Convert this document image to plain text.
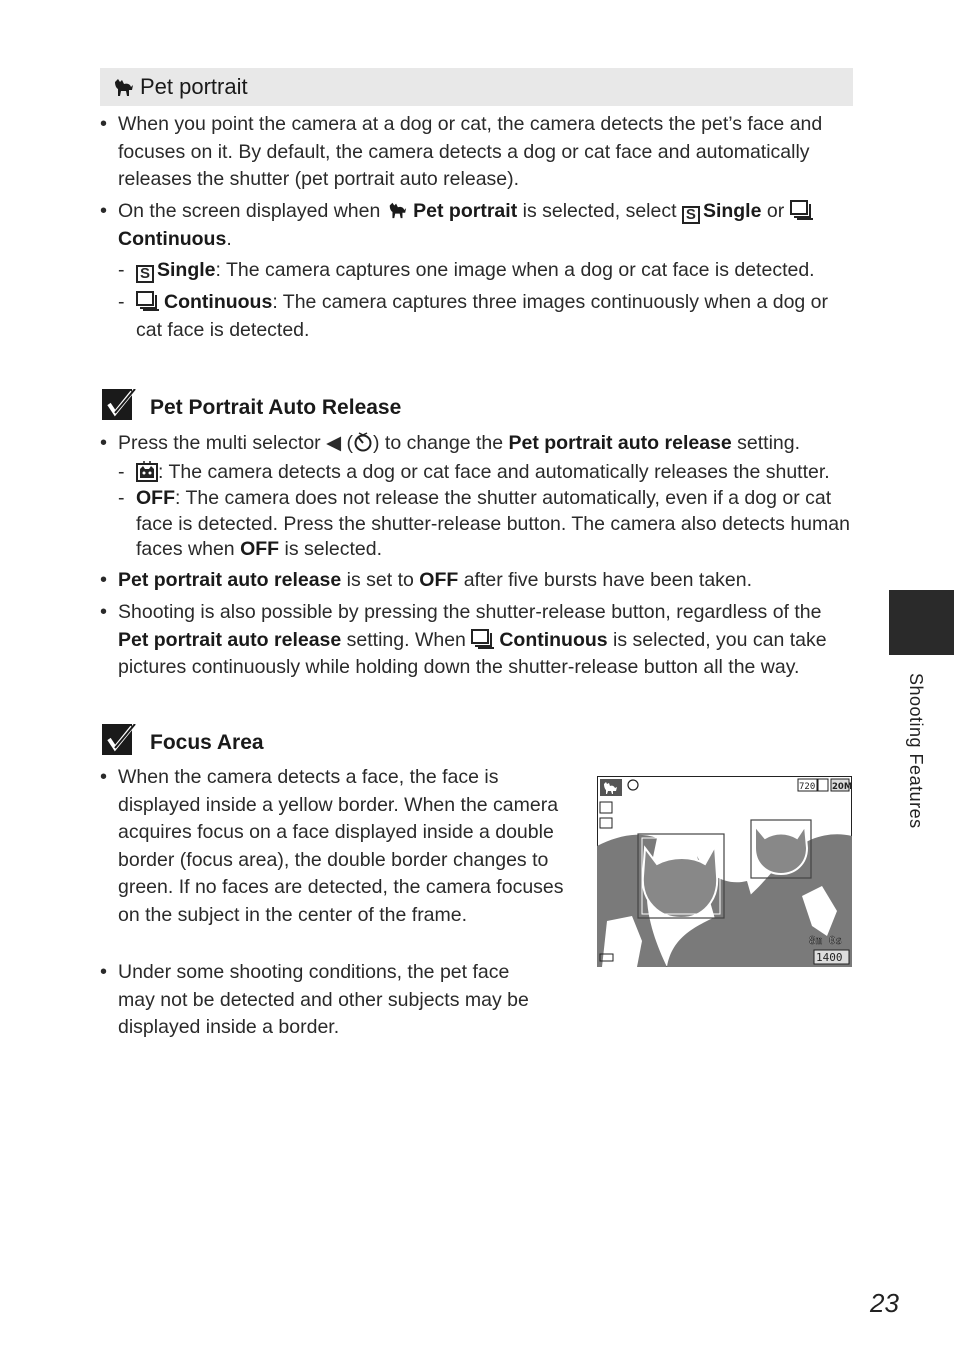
Pet portrait
• When you point the camera at a dog or cat, the camera detects the pet’s face and focuses on it. By default, the camera detects a dog or cat face and automatically releases the shutter (pet portrait auto release).
• On the screen displayed when  Pet portrait is selected, select S Single or
Continuous.
- S Single: The camera captures one image when a dog or cat face is detected.
-	Continuous: The camera captures three images continuously when a dog or cat face is detected.
Pet Portrait Auto Release
• Press the multi selector ◀ ( ) to change the Pet portrait auto release setting.
-	: The camera detects a dog or cat face and automatically releases the shutter.
- OFF: The camera does not release the shutter automatically, even if a dog or cat face is detected. Press the shutter-release button. The camera also detects human faces when OFF is selected.
• Pet portrait auto release is set to OFF after five bursts have been taken.
• Shooting is also possible by pressing the shutter-release button, regardless of the Pet portrait auto release setting. When Continuous is selected, you can take pictures continuously while holding down the shutter-release button all the way.
Focus Area
• When the camera detects a face, the face is displayed inside a yellow border. When the camera acquires focus on a face displayed inside a double border (focus area), the double border changes to green. If no faces are detected, the camera focuses on the subject in the center of the frame.
• Under some shooting conditions, the pet face may not be detected and other subjects may be displayed inside a border.
720 20M
8m 0s
1400
Shooting Features
23
